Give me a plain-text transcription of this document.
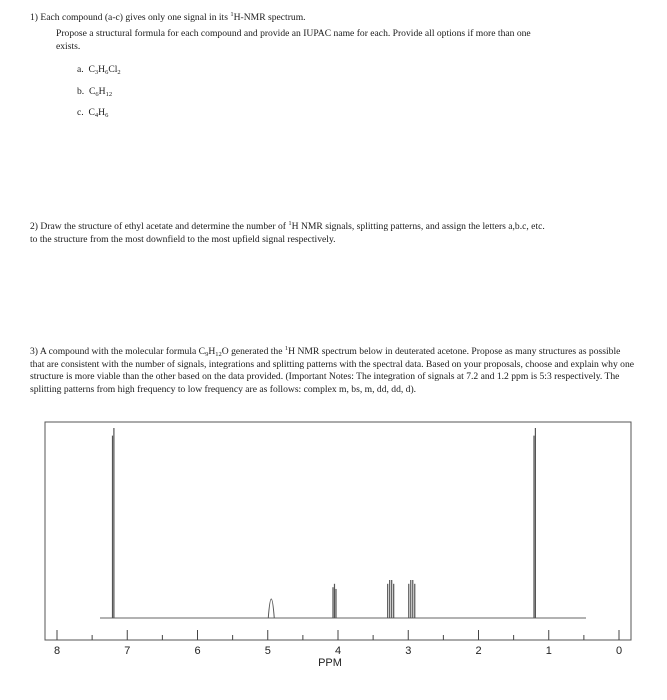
1) Each compound (a-c) gives only one signal in its $^1$H-NMR spectrum.
Propose a structural formula for each compound and provide an IUPAC name for each. Provide all options if more than one
exists.
a. $C_3H_6Cl_2$
b. $C_6H_{12}$
c. $C_4H_6$
2) Draw the structure of ethyl acetate and determine the number of $^1$H NMR signals, splitting patterns, and assign the letters a,b.c, etc.
to the structure from the most downfield to the most upfield signal respectively.
3) A compound with the molecular formula $C_9H_{12}O$ generated the $^1$H NMR spectrum below in deuterated acetone. Propose as many structures as possible that are consistent with the number of signals, integrations and splitting patterns with the spectral data. Based on your proposals, choose and explain why one structure is more viable than the other based on the data provided. (Important Notes: The integration of signals at 7.2 and 1.2 ppm is 5:3 respectively. The splitting patterns from high frequency to low frequency are as follows: complex m, bs, m, dd, dd, d).
8	7	6	5	4	3	2	1	0
PPM
